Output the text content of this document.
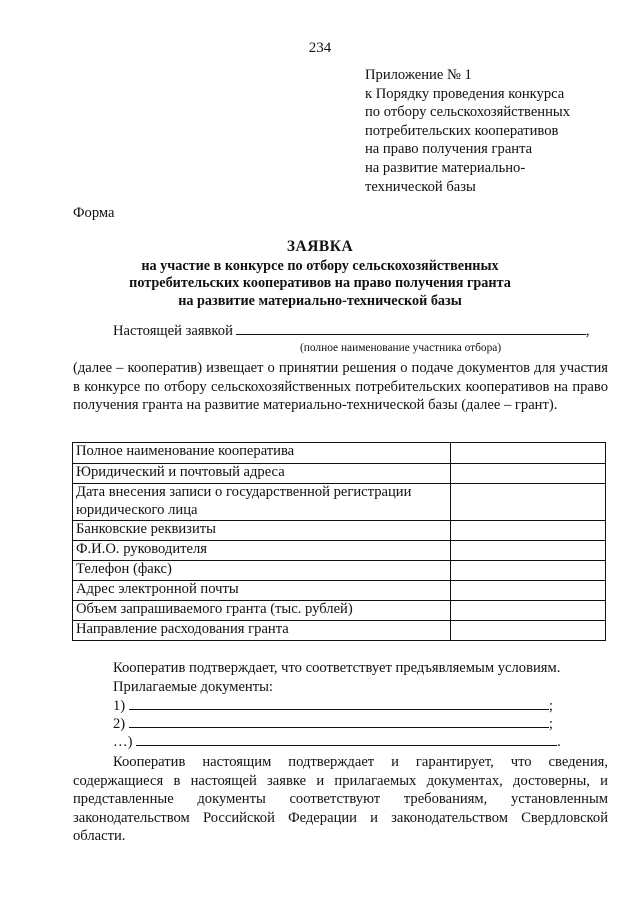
234
Приложение № 1
к Порядку проведения конкурса
по отбору сельскохозяйственных
потребительских кооперативов
на право получения гранта
на развитие материально-
технической базы
Форма
ЗАЯВКА
на участие в конкурсе по отбору сельскохозяйственных
потребительских кооперативов на право получения гранта
на развитие материально-технической базы
Настоящей заявкой	,
(полное наименование участника отбора)
(далее – кооператив) извещает о принятии решения о подаче документов для участия в конкурсе по отбору сельскохозяйственных потребительских кооперативов на право получения гранта на развитие материально-технической базы (далее – грант).
Полное наименование кооператива	
Юридический и почтовый адреса	
Дата внесения записи о государственной регистрации юридического лица	
Банковские реквизиты	
Ф.И.О. руководителя	
Телефон (факс)	
Адрес электронной почты	
Объем запрашиваемого гранта (тыс. рублей)	
Направление расходования гранта	
Кооператив подтверждает, что соответствует предъявляемым условиям.
Прилагаемые документы:
1)	;
2)	;
…)	.
Кооператив настоящим подтверждает и гарантирует, что сведения, содержащиеся в настоящей заявке и прилагаемых документах, достоверны, и представленные документы соответствуют требованиям, установленным законодательством Российской Федерации и законодательством Свердловской области.
